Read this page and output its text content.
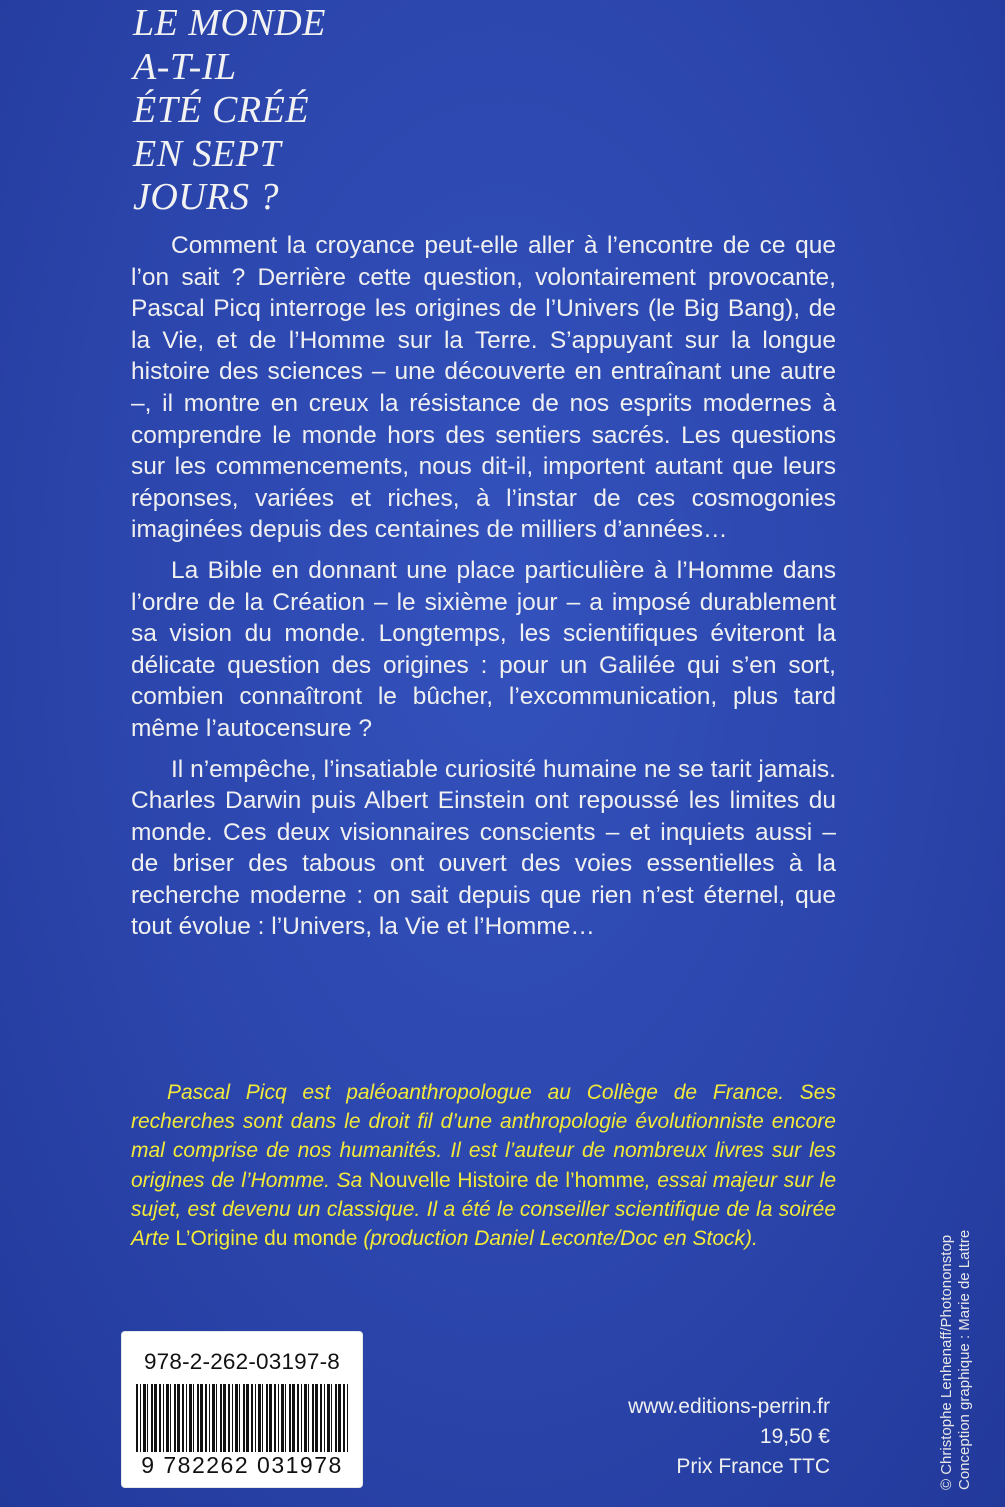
LE MONDE
A-T-IL
ÉTÉ CRÉÉ
EN SEPT
JOURS ?

Comment la croyance peut-elle aller à l’encontre de ce que l’on sait ? Derrière cette question, volontairement provocante, Pascal Picq interroge les origines de l’Univers (le Big Bang), de la Vie, et de l’Homme sur la Terre. S’appuyant sur la longue histoire des sciences – une découverte en entraînant une autre –, il montre en creux la résistance de nos esprits modernes à comprendre le monde hors des sentiers sacrés. Les questions sur les commencements, nous dit-il, importent autant que leurs réponses, variées et riches, à l’instar de ces cosmogonies imaginées depuis des centaines de milliers d’années…

La Bible en donnant une place particulière à l’Homme dans l’ordre de la Création – le sixième jour – a imposé durablement sa vision du monde. Longtemps, les scientifiques éviteront la délicate question des origines : pour un Galilée qui s’en sort, combien connaîtront le bûcher, l’excommunication, plus tard même l’autocensure ?

Il n’empêche, l’insatiable curiosité humaine ne se tarit jamais. Charles Darwin puis Albert Einstein ont repoussé les limites du monde. Ces deux visionnaires conscients – et inquiets aussi – de briser des tabous ont ouvert des voies essentielles à la recherche moderne : on sait depuis que rien n’est éternel, que tout évolue : l’Univers, la Vie et l’Homme…

Pascal Picq est paléoanthropologue au Collège de France. Ses recherches sont dans le droit fil d’une anthropologie évolutionniste encore mal comprise de nos humanités. Il est l’auteur de nombreux livres sur les origines de l’Homme. Sa Nouvelle Histoire de l’homme, essai majeur sur le sujet, est devenu un classique. Il a été le conseiller scientifique de la soirée Arte L’Origine du monde (production Daniel Leconte/Doc en Stock).
978-2-262-03197-8
9 782262 031978
www.editions-perrin.fr
19,50 €
Prix France TTC	© Christophe Lenhenaff/Photononstop Conception graphique : Marie de Lattre
